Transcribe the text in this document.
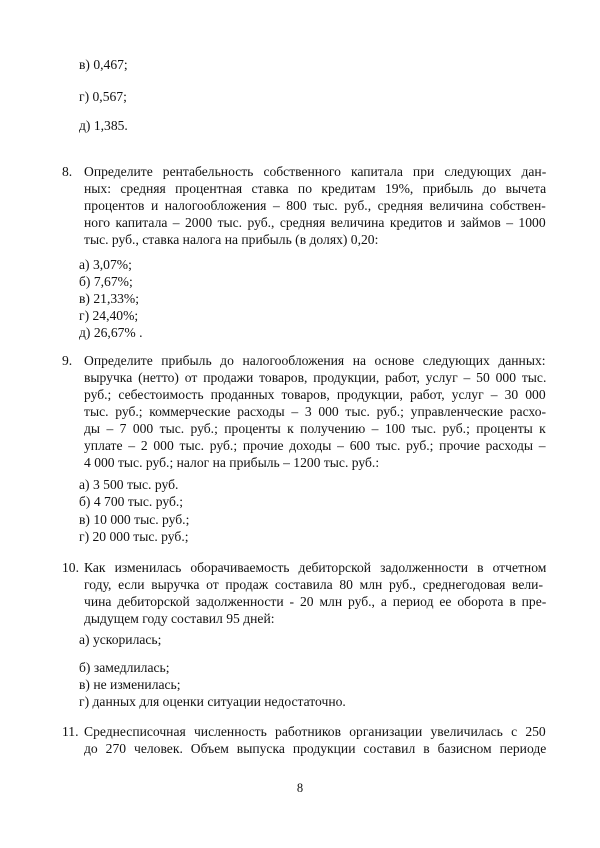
в) 0,467;
г) 0,567;
д) 1,385.
8. Определите рентабельность собственного капитала при следующих дан-
ных: средняя процентная ставка по кредитам 19%, прибыль до вычета
процентов и налогообложения – 800 тыс. руб., средняя величина собствен-
ного капитала – 2000 тыс. руб., средняя величина кредитов и займов – 1000
тыс. руб., ставка налога на прибыль (в долях) 0,20:
а) 3,07%;
б) 7,67%;
в) 21,33%;
г) 24,40%;
д) 26,67% .
9. Определите прибыль до налогообложения на основе следующих данных:
выручка (нетто) от продажи товаров, продукции, работ, услуг – 50 000 тыс.
руб.; себестоимость проданных товаров, продукции, работ, услуг – 30 000
тыс. руб.; коммерческие расходы – 3 000 тыс. руб.; управленческие расхо-
ды – 7 000 тыс. руб.; проценты к получению – 100 тыс. руб.; проценты к
уплате – 2 000 тыс. руб.; прочие доходы – 600 тыс. руб.; прочие расходы –
4 000 тыс. руб.; налог на прибыль – 1200 тыс. руб.:
а) 3 500 тыс. руб.
б) 4 700 тыс. руб.;
в) 10 000 тыс. руб.;
г) 20 000 тыс. руб.;
10. Как изменилась оборачиваемость дебиторской задолженности в отчетном
году, если выручка от продаж составила 80 млн руб., среднегодовая вели-
чина дебиторской задолженности - 20 млн руб., а период ее оборота в пре-
дыдущем году составил 95 дней:
а) ускорилась;
б) замедлилась;
в) не изменилась;
г) данных для оценки ситуации недостаточно.
11. Среднесписочная численность работников организации увеличилась с 250
до 270 человек. Объем выпуска продукции составил в базисном периоде
8
